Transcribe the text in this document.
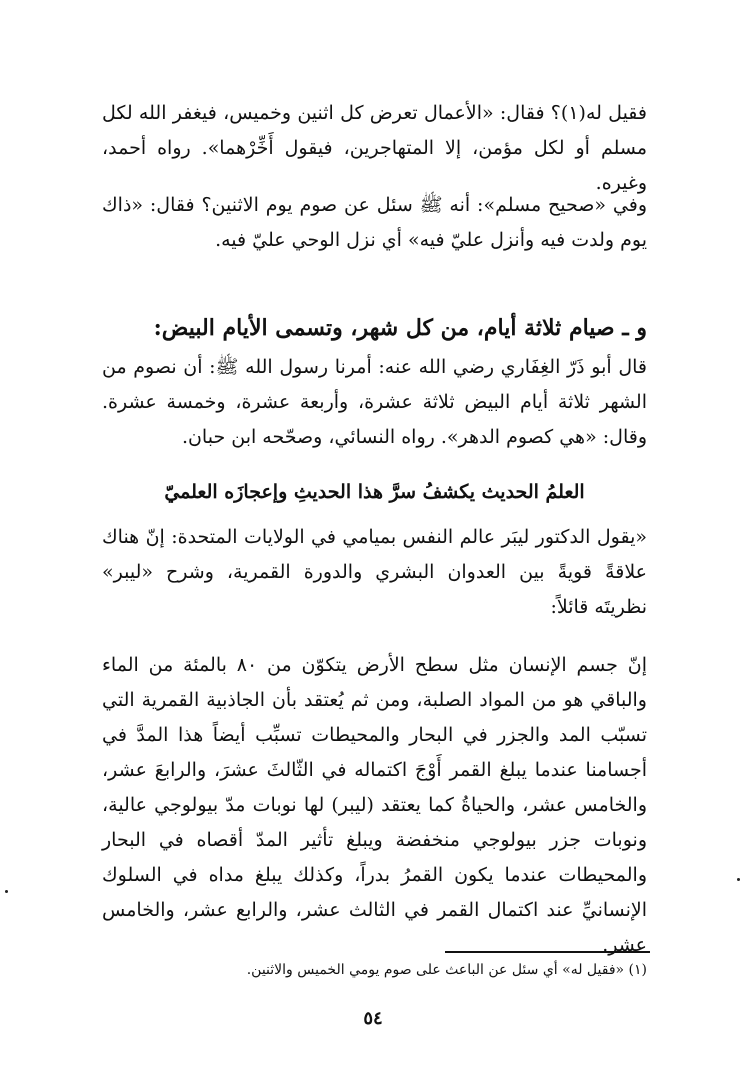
فقيل له(١)؟ فقال: «الأعمال تعرض كل اثنين وخميس، فيغفر الله لكل مسلم أو لكل مؤمن، إلا المتهاجرين، فيقول أَخِّرْهما». رواه أحمد، وغيره.

وفي «صحيح مسلم»: أنه ﷺ سئل عن صوم يوم الاثنين؟ فقال: «ذاك يوم ولدت فيه وأنزل عليّ فيه» أي نزل الوحي عليّ فيه.

و ـ صيام ثلاثة أيام، من كل شهر، وتسمى الأيام البيض:

قال أبو ذَرّ الغِفَاري رضي الله عنه: أمرنا رسول الله ﷺ: أن نصوم من الشهر ثلاثة أيام البيض ثلاثة عشرة، وأربعة عشرة، وخمسة عشرة. وقال: «هي كصوم الدهر». رواه النسائي، وصحّحه ابن حبان.

العلمُ الحديث يكشفُ سرَّ هذا الحديثِ وإعجازَه العلميّ

«يقول الدكتور ليبَر عالم النفس بميامي في الولايات المتحدة: إنّ هناك علاقةً قويةً بين العدوان البشري والدورة القمرية، وشرح «ليبر» نظريتَه قائلاً:

إنّ جسم الإنسان مثل سطح الأرض يتكوّن من ٨٠ بالمئة من الماء والباقي هو من المواد الصلبة، ومن ثم يُعتقد بأن الجاذبية القمرية التي تسبّب المد والجزر في البحار والمحيطات تسبِّب أيضاً هذا المدَّ في أجسامنا عندما يبلغ القمر أَوْجَ اكتماله في الثّالثَ عشرَ، والرابعَ عشر، والخامس عشر، والحياةُ كما يعتقد (ليبر) لها نوبات مدّ بيولوجي عالية، ونوبات جزر بيولوجي منخفضة ويبلغ تأثير المدّ أقصاه في البحار والمحيطات عندما يكون القمرُ بدراً، وكذلك يبلغ مداه في السلوك الإنسانيِّ عند اكتمال القمر في الثالث عشر، والرابع عشر، والخامس عشر.

(١) «فقيل له» أي سئل عن الباعث على صوم يومي الخميس والاثنين.

٥٤
